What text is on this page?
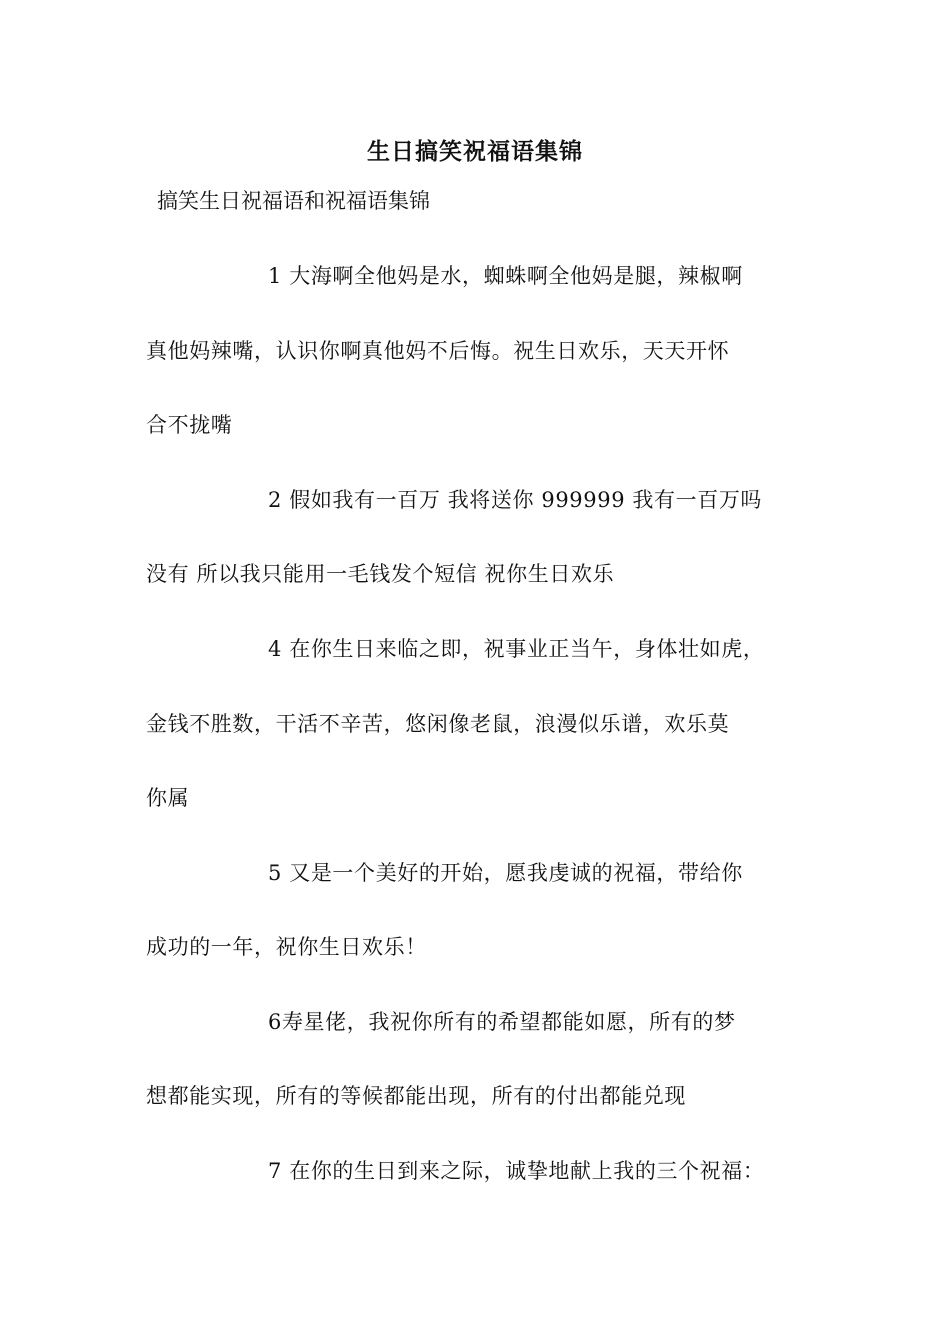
生日搞笑祝福语集锦
搞笑生日祝福语和祝福语集锦
1 大海啊全他妈是水，蜘蛛啊全他妈是腿，辣椒啊
真他妈辣嘴，认识你啊真他妈不后悔。祝生日欢乐，天天开怀
合不拢嘴
2 假如我有一百万 我将送你 999999 我有一百万吗
没有 所以我只能用一毛钱发个短信 祝你生日欢乐
4 在你生日来临之即，祝事业正当午，身体壮如虎，
金钱不胜数，干活不辛苦，悠闲像老鼠，浪漫似乐谱，欢乐莫
你属
5 又是一个美好的开始，愿我虔诚的祝福，带给你
成功的一年，祝你生日欢乐！
6寿星佬，我祝你所有的希望都能如愿，所有的梦
想都能实现，所有的等候都能出现，所有的付出都能兑现
7 在你的生日到来之际，诚挚地献上我的三个祝福：
